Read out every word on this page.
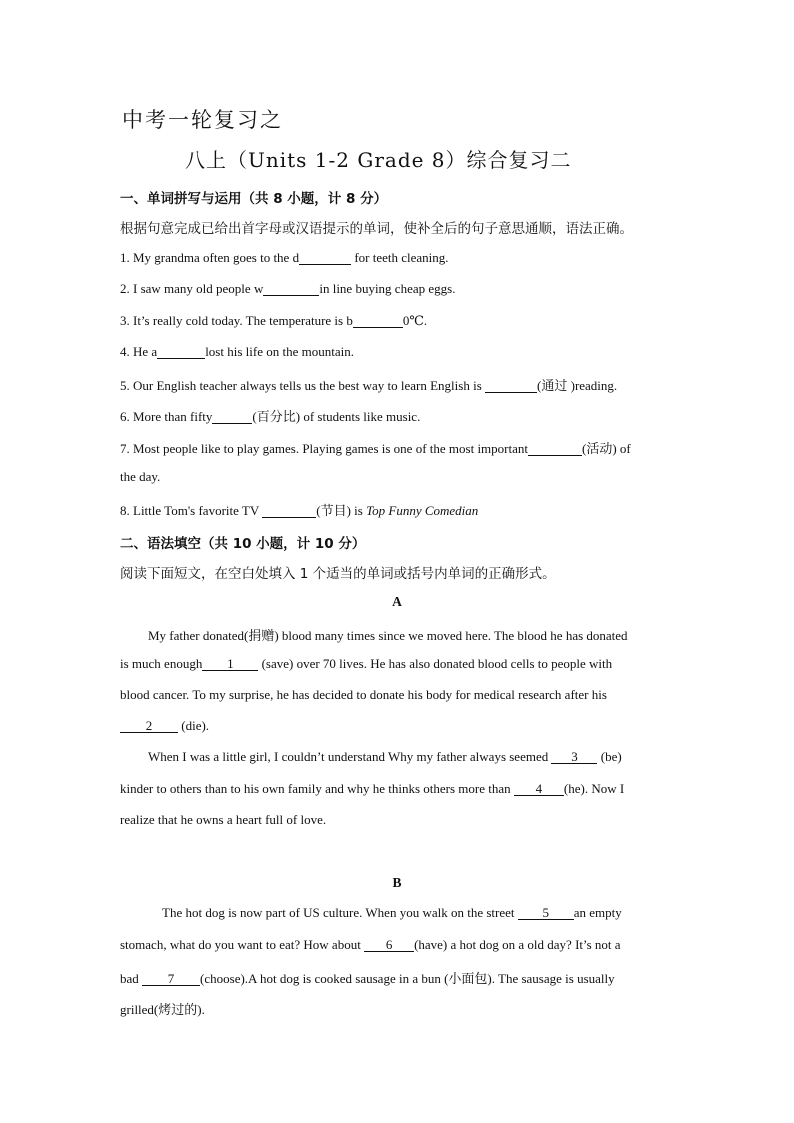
中考一轮复习之
八上（Units 1-2 Grade 8）综合复习二
一、单词拼写与运用（共 8 小题，计 8 分）
根据句意完成已给出首字母或汉语提示的单词，使补全后的句子意思通顺，语法正确。
1. My grandma often goes to the d	for teeth cleaning.
2. I saw many old people w	in line buying cheap eggs.
3. It’s really cold today. The temperature is b	0℃.
4. He a	lost his life on the mountain.
5. Our English teacher always tells us the best way to learn English is	(通过 )reading.
6. More than fifty	(百分比) of students like music.
7. Most people like to play games. Playing games is one of the most important	(活动) of
the day.
8. Little Tom's favorite TV	(节目) is Top Funny Comedian
二、语法填空（共 10 小题，计 10 分）
阅读下面短文，在空白处填入 1 个适当的单词或括号内单词的正确形式。
A
My father donated(捐赠) blood many times since we moved here. The blood he has donated
is much enough 1 (save) over 70 lives. He has also donated blood cells to people with
blood cancer. To my surprise, he has decided to donate his body for medical research after his
2 (die).
When I was a little girl, I couldn’t understand Why my father always seemed 3 (be)
kinder to others than to his own family and why he thinks others more than 4 (he). Now I
realize that he owns a heart full of love.
B
The hot dog is now part of US culture. When you walk on the street 5 an empty
stomach, what do you want to eat? How about 6 (have) a hot dog on a old day? It’s not a
bad 7 (choose).A hot dog is cooked sausage in a bun (小面包). The sausage is usually
grilled(烤过的).
